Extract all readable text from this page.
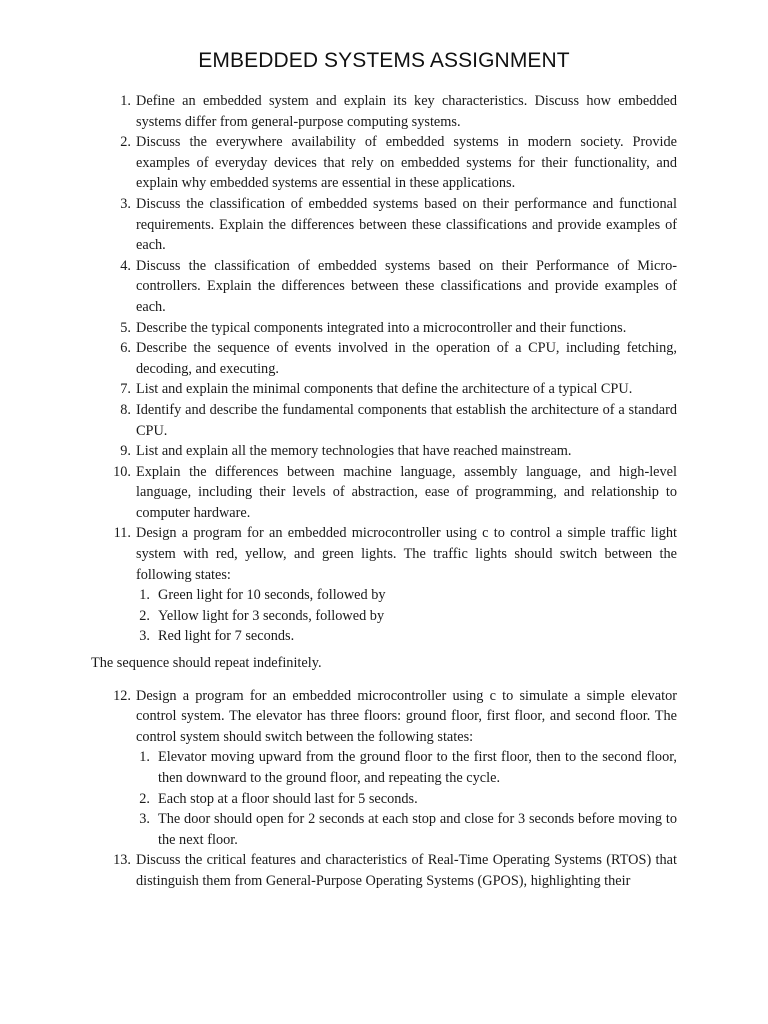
EMBEDDED SYSTEMS ASSIGNMENT
1. Define an embedded system and explain its key characteristics. Discuss how embedded systems differ from general-purpose computing systems.
2. Discuss the everywhere availability of embedded systems in modern society. Provide examples of everyday devices that rely on embedded systems for their functionality, and explain why embedded systems are essential in these applications.
3. Discuss the classification of embedded systems based on their performance and functional requirements. Explain the differences between these classifications and provide examples of each.
4. Discuss the classification of embedded systems based on their Performance of Micro-controllers. Explain the differences between these classifications and provide examples of each.
5. Describe the typical components integrated into a microcontroller and their functions.
6. Describe the sequence of events involved in the operation of a CPU, including fetching, decoding, and executing.
7. List and explain the minimal components that define the architecture of a typical CPU.
8. Identify and describe the fundamental components that establish the architecture of a standard CPU.
9. List and explain all the memory technologies that have reached mainstream.
10. Explain the differences between machine language, assembly language, and high-level language, including their levels of abstraction, ease of programming, and relationship to computer hardware.
11. Design a program for an embedded microcontroller using c to control a simple traffic light system with red, yellow, and green lights. The traffic lights should switch between the following states:
1. Green light for 10 seconds, followed by
2. Yellow light for 3 seconds, followed by
3. Red light for 7 seconds.

The sequence should repeat indefinitely.

12. Design a program for an embedded microcontroller using c to simulate a simple elevator control system. The elevator has three floors: ground floor, first floor, and second floor. The control system should switch between the following states:
1. Elevator moving upward from the ground floor to the first floor, then to the second floor, then downward to the ground floor, and repeating the cycle.
2. Each stop at a floor should last for 5 seconds.
3. The door should open for 2 seconds at each stop and close for 3 seconds before moving to the next floor.
13. Discuss the critical features and characteristics of Real-Time Operating Systems (RTOS) that distinguish them from General-Purpose Operating Systems (GPOS), highlighting their
